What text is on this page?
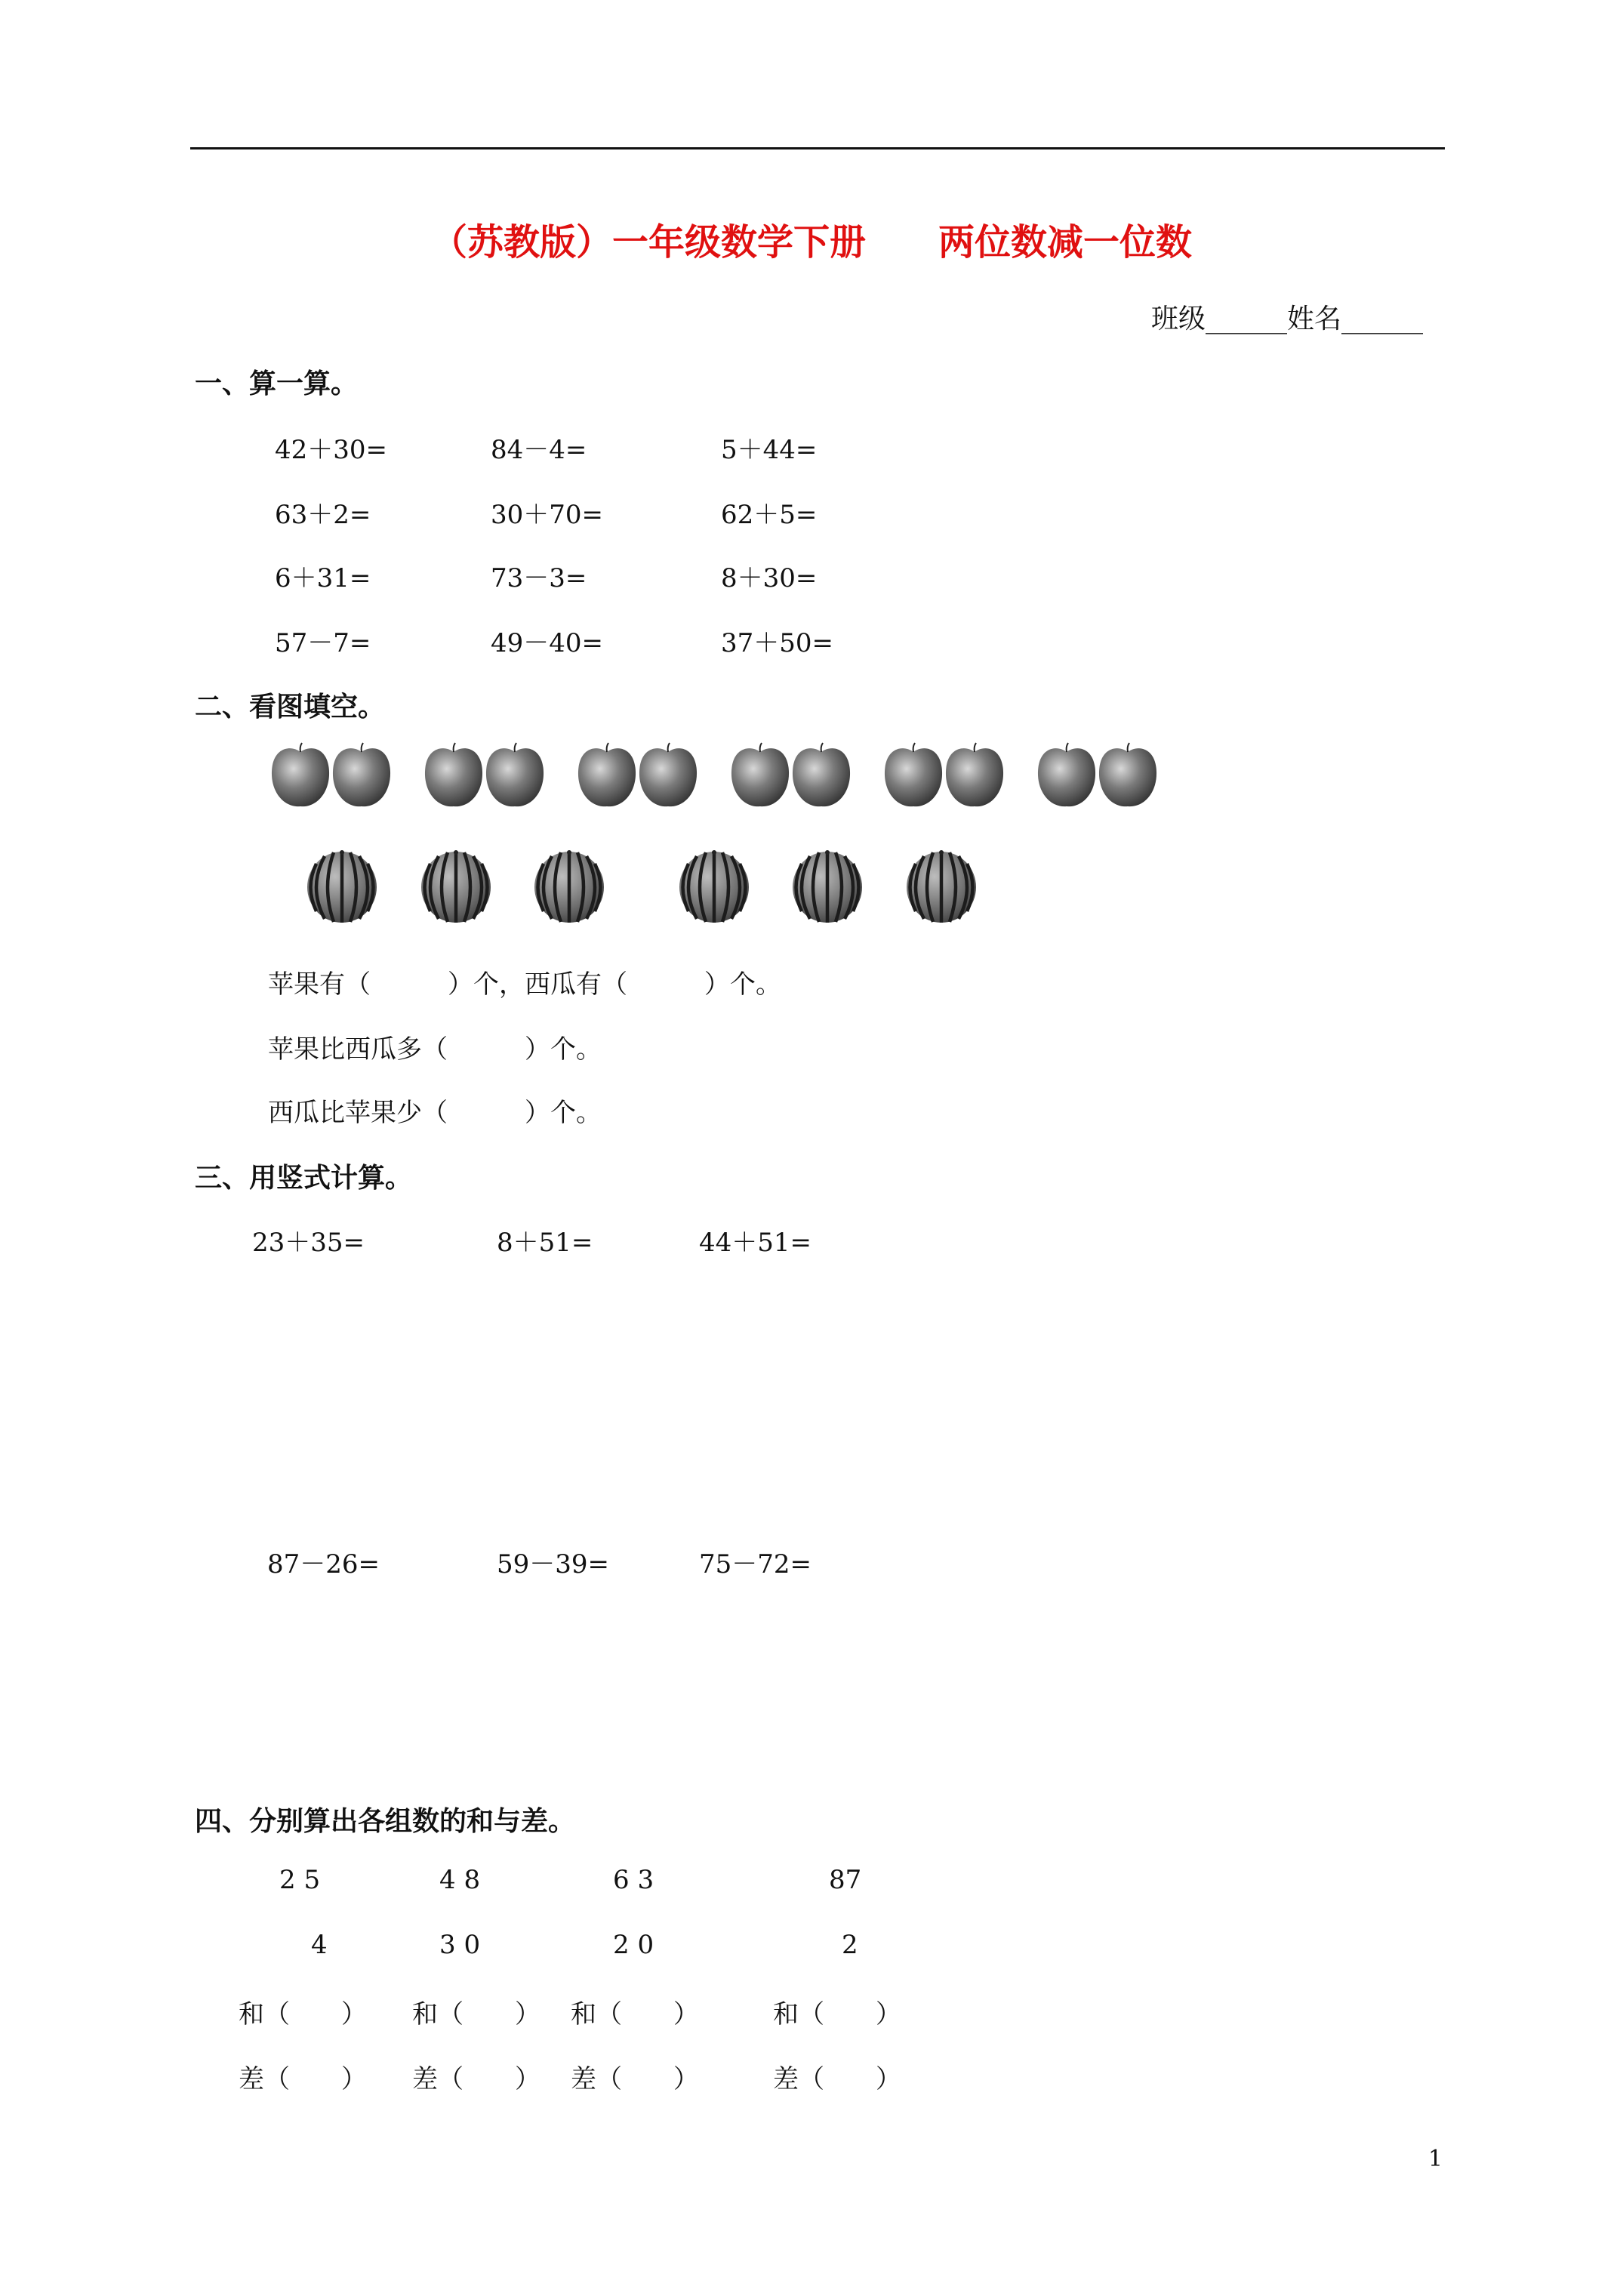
（苏教版）一年级数学下册　　两位数减一位数
班级______姓名______
一、算一算。
42＋30=	84－4=	5＋44=
63＋2=	30＋70=	62＋5=
6＋31=	73－3=	8＋30=
57－7=	49－40=	37＋50=
二、看图填空。
苹果有（　　　）个，西瓜有（　　　）个。
苹果比西瓜多（　　　）个。
西瓜比苹果少（　　　）个。
三、用竖式计算。
23＋35=	8＋51=	44＋51=
87－26=	59－39=	75－72=
四、分别算出各组数的和与差。
2 5	4 8	6 3	87
4	3 0	2 0	2
和（　　） 和（　　） 和（　　）	和（　　）
差（　　） 差（　　） 差（　　）	差（　　）
1
